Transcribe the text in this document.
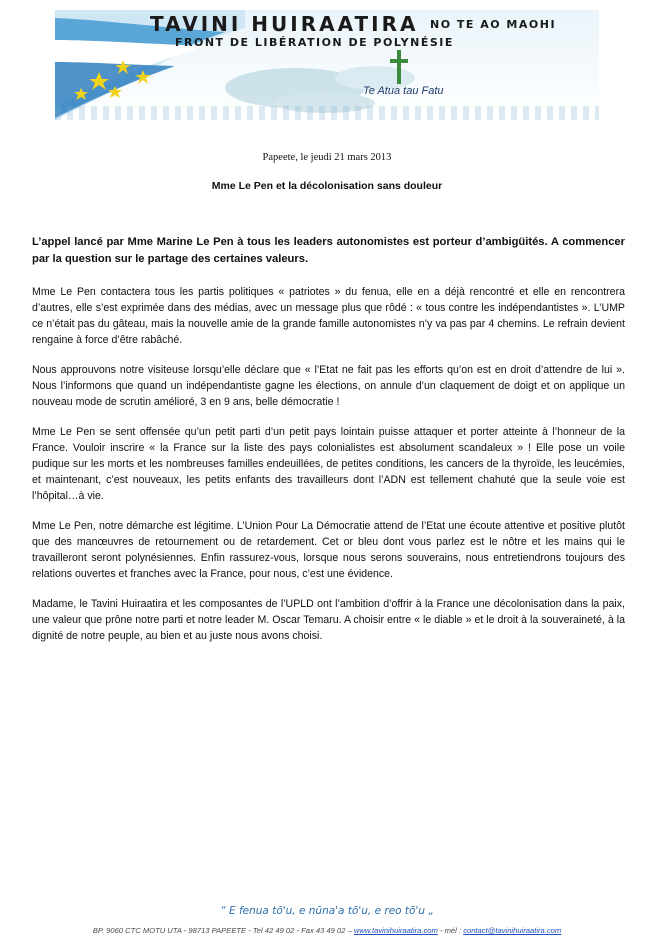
TAVINI HUIRAATIRA NO TE AO MAOHI
FRONT DE LIBÉRATION DE POLYNÉSIE
Te Atua tau Fatu
Papeete, le jeudi 21 mars 2013
Mme Le Pen et la décolonisation sans douleur

L’appel lancé par Mme Marine Le Pen à tous les leaders autonomistes est porteur d’ambigüités. A commencer par la question sur le partage des certaines valeurs.

Mme Le Pen contactera tous les partis politiques « patriotes » du fenua, elle en a déjà rencontré et elle en rencontrera d’autres, elle s’est exprimée dans des médias, avec un message plus que rôdé : « tous contre les indépendantistes ». L’UMP ce n’était pas du gâteau, mais la nouvelle amie de la grande famille autonomistes n’y va pas par 4 chemins. Le refrain devient rengaine à force d’être rabâché.

Nous approuvons notre visiteuse lorsqu’elle déclare que « l’Etat ne fait pas les efforts qu’on est en droit d’attendre de lui ». Nous l’informons que quand un indépendantiste gagne les élections, on annule d’un claquement de doigt et on applique un nouveau mode de scrutin amélioré, 3 en 9 ans, belle démocratie !

Mme Le Pen se sent offensée qu’un petit parti d’un petit pays lointain puisse attaquer et porter atteinte à l’honneur de la France. Vouloir inscrire « la France sur la liste des pays colonialistes est absolument scandaleux » ! Elle pose un voile pudique sur les morts et les nombreuses familles endeuillées, de petites conditions, les cancers de la thyroïde, les leucémies, et maintenant, c’est nouveaux, les petits enfants des travailleurs dont l’ADN est tellement chahuté que la seule voie est l’hôpital…à vie.

Mme Le Pen, notre démarche est légitime. L’Union Pour La Démocratie attend de l’Etat une écoute attentive et positive plutôt que des manœuvres de retournement ou de retardement. Cet or bleu dont vous parlez est le nôtre et les mains qui le travailleront seront polynésiennes. Enfin rassurez-vous, lorsque nous serons souverains, nous entretiendrons toujours des relations ouvertes et franches avec la France, pour nous, c’est une évidence.

Madame, le Tavini Huiraatira et les composantes de l’UPLD ont l’ambition d’offrir à la France une décolonisation dans la paix, une valeur que prône notre parti et notre leader M. Oscar Temaru. A choisir entre « le diable » et le droit à la souveraineté, à la dignité de notre peuple, au bien et au juste nous avons choisi.

“ E fenua tō'u, e nūna'a tō'u, e reo tō'u „
BP. 9060 CTC MOTU UTA - 98713 PAPEETE - Tel 42 49 02 - Fax 43 49 02 – www.tavinihuiraatira.com - mél : contact@tavinihuiraatira.com
